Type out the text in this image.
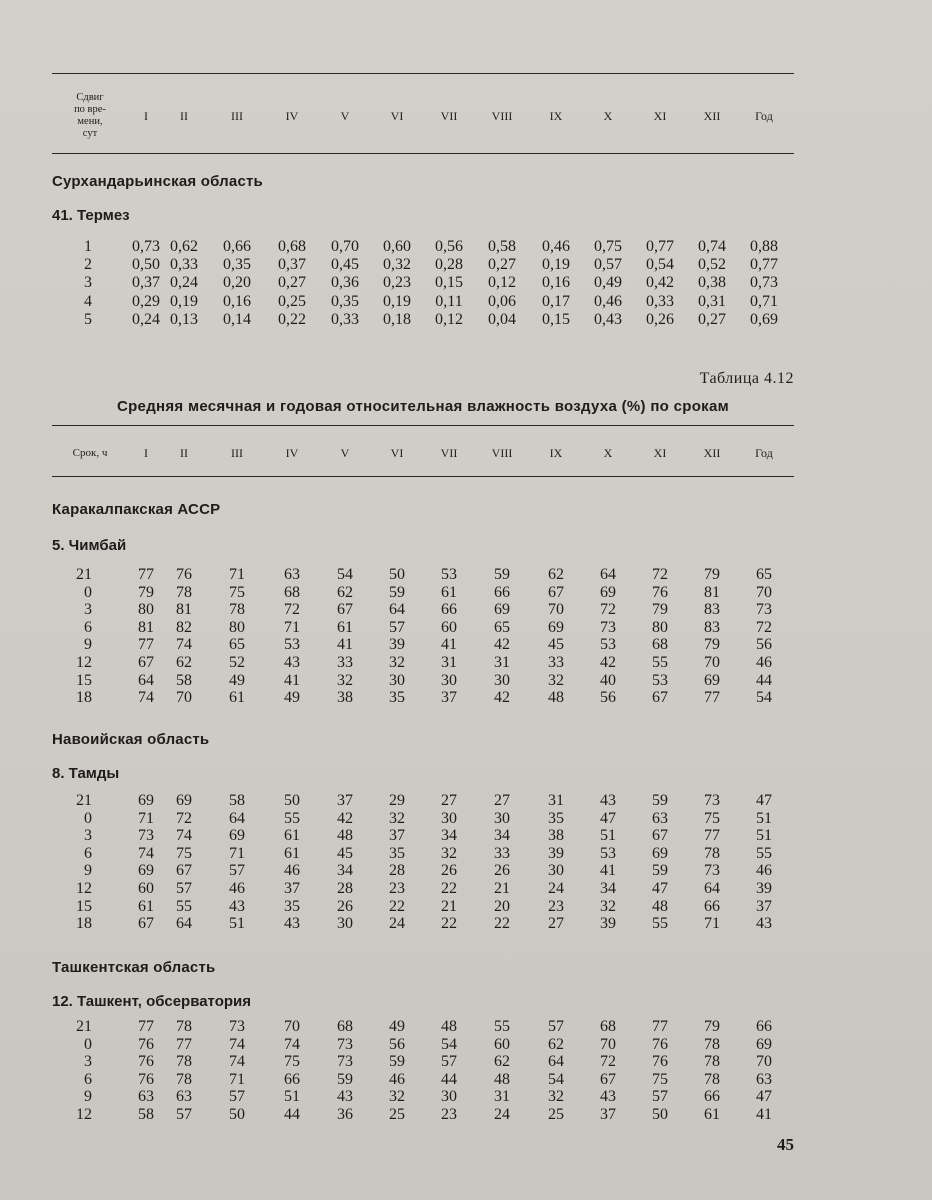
Сдвиг
по вре-
мени,
сут
I	II	III	IV	V	VI	VII	VIII	IX	X	XI	XII	Год
Сурхандарьинская область
41. Термез
1	0,73 0,62	0,66	0,68	0,70	0,60	0,56	0,58	0,46	0,75	0,77	0,74	0,88
2	0,50 0,33	0,35	0,37	0,45	0,32	0,28	0,27	0,19	0,57	0,54	0,52	0,77
3	0,37 0,24	0,20	0,27	0,36	0,23	0,15	0,12	0,16	0,49	0,42	0,38	0,73
4	0,29 0,19	0,16	0,25	0,35	0,19	0,11	0,06	0,17	0,46	0,33	0,31	0,71
5	0,24 0,13	0,14	0,22	0,33	0,18	0,12	0,04	0,15	0,43	0,26	0,27	0,69
Таблица 4.12
Средняя месячная и годовая относительная влажность воздуха (%) по срокам
Срок, ч	I	II	III	IV	V	VI	VII	VIII	IX	X	XI	XII	Год
Каракалпакская АССР
5. Чимбай
21	77	76	71	63	54	50	53	59	62	64	72	79	65
0	79	78	75	68	62	59	61	66	67	69	76	81	70
3	80	81	78	72	67	64	66	69	70	72	79	83	73
6	81	82	80	71	61	57	60	65	69	73	80	83	72
9	77	74	65	53	41	39	41	42	45	53	68	79	56
12	67	62	52	43	33	32	31	31	33	42	55	70	46
15	64	58	49	41	32	30	30	30	32	40	53	69	44
18	74	70	61	49	38	35	37	42	48	56	67	77	54
Навоийская область
8. Тамды
21	69	69	58	50	37	29	27	27	31	43	59	73	47
0	71	72	64	55	42	32	30	30	35	47	63	75	51
3	73	74	69	61	48	37	34	34	38	51	67	77	51
6	74	75	71	61	45	35	32	33	39	53	69	78	55
9	69	67	57	46	34	28	26	26	30	41	59	73	46
12	60	57	46	37	28	23	22	21	24	34	47	64	39
15	61	55	43	35	26	22	21	20	23	32	48	66	37
18	67	64	51	43	30	24	22	22	27	39	55	71	43
Ташкентская область
12. Ташкент, обсерватория
21	77	78	73	70	68	49	48	55	57	68	77	79	66
0	76	77	74	74	73	56	54	60	62	70	76	78	69
3	76	78	74	75	73	59	57	62	64	72	76	78	70
6	76	78	71	66	59	46	44	48	54	67	75	78	63
9	63	63	57	51	43	32	30	31	32	43	57	66	47
12	58	57	50	44	36	25	23	24	25	37	50	61	41
45
